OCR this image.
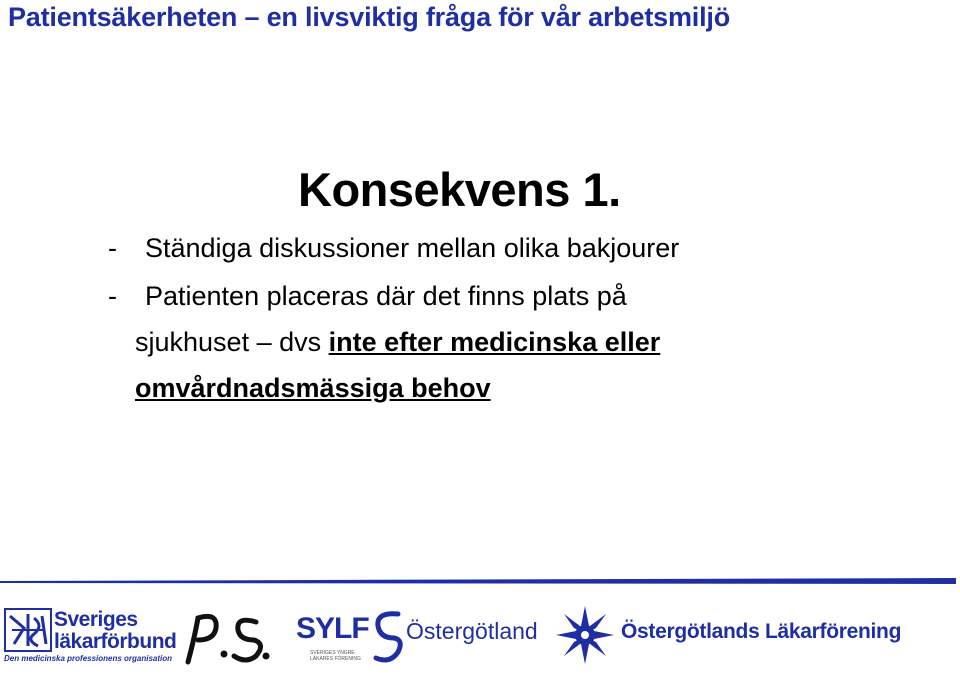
Patientsäkerheten – en livsviktig fråga för vår arbetsmiljö
Konsekvens 1.
- Ständiga diskussioner mellan olika bakjourer
- Patienten placeras där det finns plats på
sjukhuset – dvs inte efter medicinska eller
omvårdnadsmässiga behov
Sveriges
läkarförbund
Den medicinska professionens organisation
SYLF
SVERIGES YNGRE LÄKARES FÖRENING
Östergötland	Östergötlands Läkarförening
